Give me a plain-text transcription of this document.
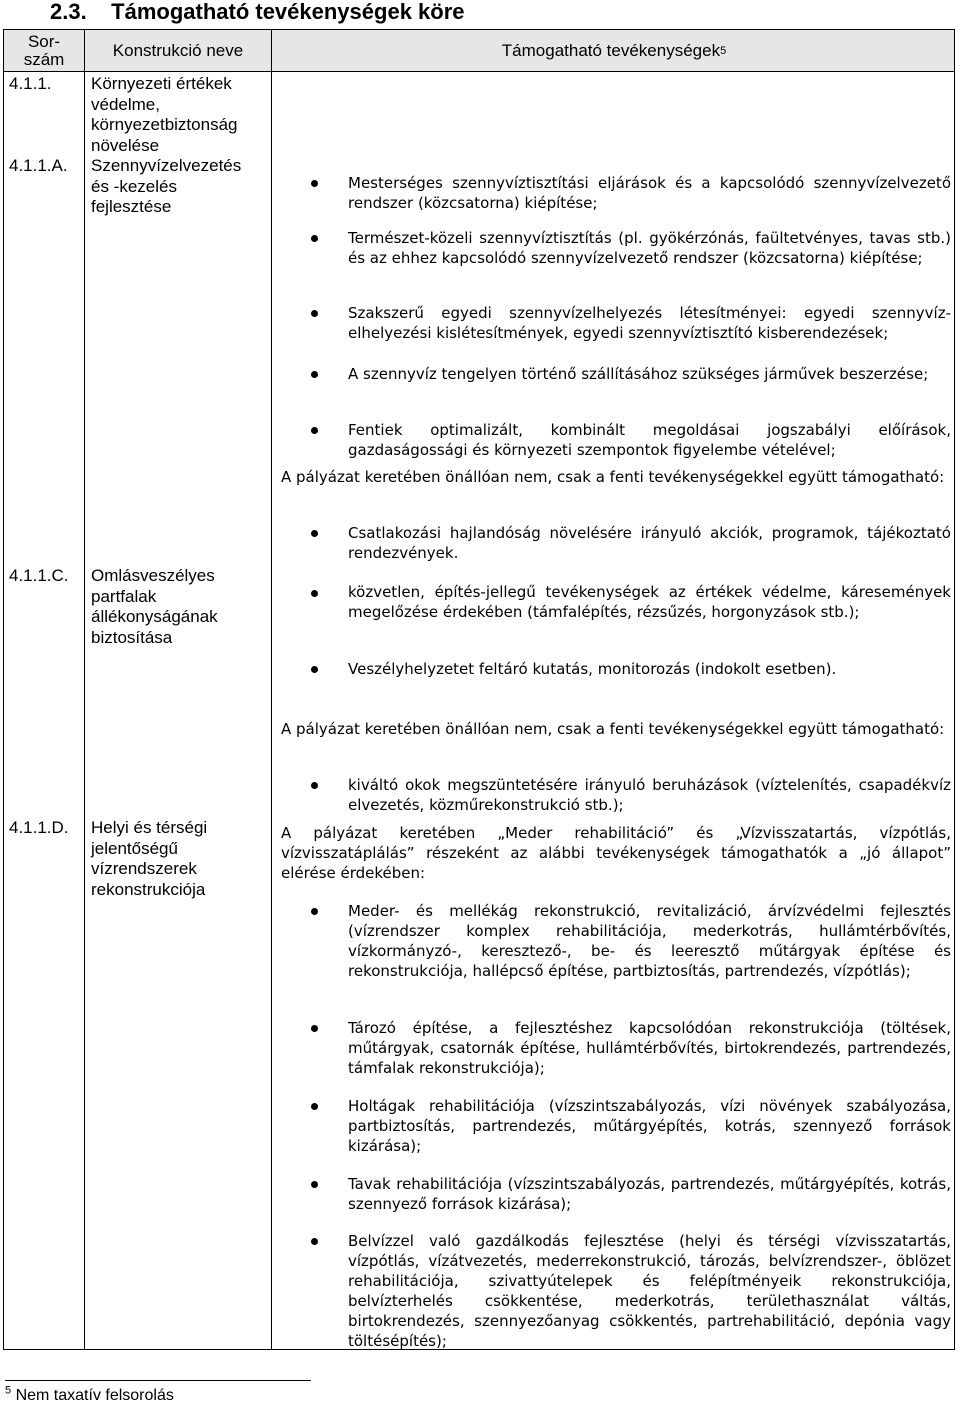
2.3.    Támogatható tevékenységek köre
Sor-
szám	Konstrukció neve	Támogatható tevékenységek 5
4.1.1. Környezeti értékek védelme, környezetbiztonság növelése
4.1.1.A. Szennyvízelvezetés és -kezelés fejlesztése
Mesterséges szennyvíztisztítási eljárások és a kapcsolódó szennyvízelvezető rendszer (közcsatorna) kiépítése;
Természet-közeli szennyvíztisztítás (pl. gyökérzónás, faültetvényes, tavas stb.) és az ehhez kapcsolódó szennyvízelvezető rendszer (közcsatorna) kiépítése;
Szakszerű egyedi szennyvízelhelyezés létesítményei: egyedi szennyvíz-elhelyezési kislétesítmények, egyedi szennyvíztisztító kisberendezések;
A szennyvíz tengelyen történő szállításához szükséges járművek beszerzése;
Fentiek optimalizált, kombinált megoldásai jogszabályi előírások, gazdaságossági és környezeti szempontok figyelembe vételével;
A pályázat keretében önállóan nem, csak a fenti tevékenységekkel együtt támogatható:
Csatlakozási hajlandóság növelésére irányuló akciók, programok, tájékoztató rendezvények.
4.1.1.C. Omlásveszélyes partfalak állékonyságának biztosítása
közvetlen, építés-jellegű tevékenységek az értékek védelme, káresemények megelőzése érdekében (támfalépítés, rézsűzés, horgonyzások stb.);
Veszélyhelyzetet feltáró kutatás, monitorozás (indokolt esetben).
A pályázat keretében önállóan nem, csak a fenti tevékenységekkel együtt támogatható:
kiváltó okok megszüntetésére irányuló beruházások (víztelenítés, csapadékvíz elvezetés, közműrekonstrukció stb.);
4.1.1.D. Helyi és térségi jelentőségű vízrendszerek rekonstrukciója
A pályázat keretében „Meder rehabilitáció” és „Vízvisszatartás, vízpótlás, vízvisszatáplálás” részeként az alábbi tevékenységek támogathatók a „jó állapot” elérése érdekében:
Meder- és mellékág rekonstrukció, revitalizáció, árvízvédelmi fejlesztés (vízrendszer komplex rehabilitációja, mederkotrás, hullámtérbővítés, vízkormányzó-, keresztező-, be- és leeresztő műtárgyak építése és rekonstrukciója, hallépcső építése, partbiztosítás, partrendezés, vízpótlás);
Tározó építése, a fejlesztéshez kapcsolódóan rekonstrukciója (töltések, műtárgyak, csatornák építése, hullámtérbővítés, birtokrendezés, partrendezés, támfalak rekonstrukciója);
Holtágak rehabilitációja (vízszintszabályozás, vízi növények szabályozása, partbiztosítás, partrendezés, műtárgyépítés, kotrás, szennyező források kizárása);
Tavak rehabilitációja (vízszintszabályozás, partrendezés, műtárgyépítés, kotrás, szennyező források kizárása);
Belvízzel való gazdálkodás fejlesztése (helyi és térségi vízvisszatartás, vízpótlás, vízátvezetés, mederrekonstrukció, tározás, belvízrendszer-, öblözet rehabilitációja, szivattyútelepek és felépítményeik rekonstrukciója, belvízterhelés csökkentése, mederkotrás, területhasználat váltás, birtokrendezés, szennyezőanyag csökkentés, partrehabilitáció, depónia vagy töltésépítés);
$^5$ Nem taxatív felsorolás
